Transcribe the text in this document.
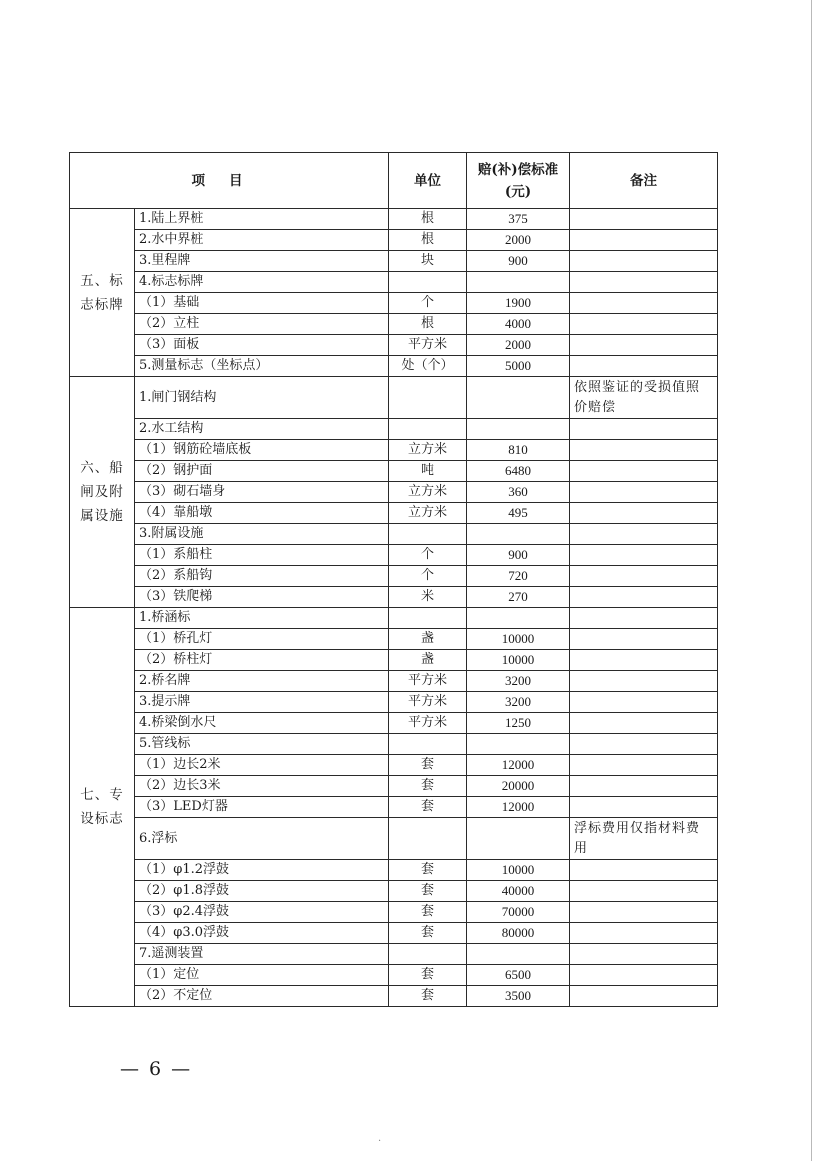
项目		单位	赔(补)偿标准(元)	备注
五、标志标牌	1.陆上界桩	根	375	
	2.水中界桩	根	2000	
	3.里程牌	块	900	
	4.标志标牌			
	（1）基础	个	1900	
	（2）立柱	根	4000	
	（3）面板	平方米	2000	
	5.测量标志（坐标点）	处（个）	5000	
六、船闸及附属设施	1.闸门钢结构			依照鉴证的受损值照价赔偿
	2.水工结构			
	（1）钢筋砼墙底板	立方米	810	
	（2）钢护面	吨	6480	
	（3）砌石墙身	立方米	360	
	（4）靠船墩	立方米	495	
	3.附属设施			
	（1）系船柱	个	900	
	（2）系船钩	个	720	
	（3）铁爬梯	米	270	
七、专设标志	1.桥涵标			
	（1）桥孔灯	盏	10000	
	（2）桥柱灯	盏	10000	
	2.桥名牌	平方米	3200	
	3.提示牌	平方米	3200	
	4.桥梁倒水尺	平方米	1250	
	5.管线标			
	（1）边长2米	套	12000	
	（2）边长3米	套	20000	
	（3）LED灯器	套	12000	
	6.浮标			浮标费用仅指材料费用
	（1）φ1.2浮鼓	套	10000	
	（2）φ1.8浮鼓	套	40000	
	（3）φ2.4浮鼓	套	70000	
	（4）φ3.0浮鼓	套	80000	
	7.遥测装置			
	（1）定位	套	6500	
	（2）不定位	套	3500	
— 6 —
·
